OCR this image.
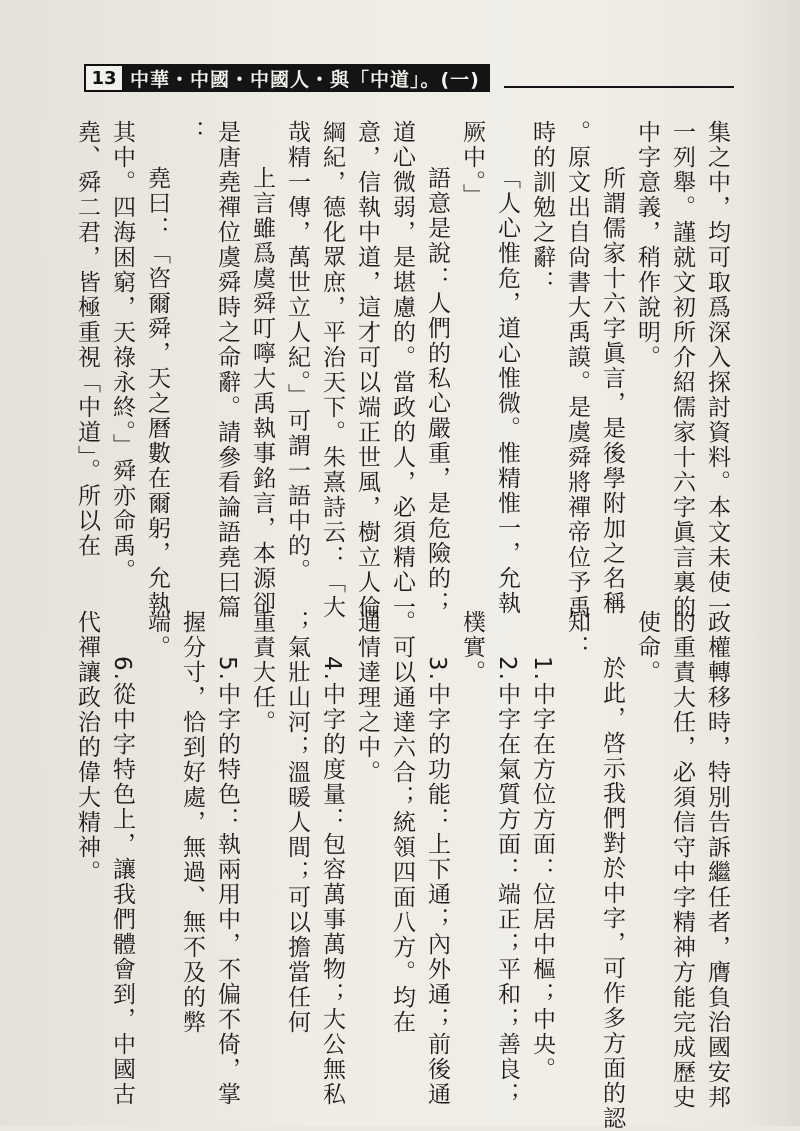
13 中華・中國・中國人・與「中道」。(一)
集之中，均可取爲深入探討資料。本文未使一
一列舉。謹就文初所介紹儒家十六字眞言裏的
中字意義，稍作說明。
所謂儒家十六字眞言，是後學附加之名稱
。原文出自尙書大禹謨。是虞舜將禪帝位予禹
時的訓勉之辭：
「人心惟危，道心惟微。惟精惟一，允執
厥中。」
語意是說：人們的私心嚴重，是危險的；
道心微弱，是堪慮的。當政的人，必須精心一
意，信執中道，這才可以端正世風，樹立人倫
綱紀，德化眾庶，平治天下。朱熹詩云：「大
哉精一傳，萬世立人紀。」可謂一語中的。
上言雖爲虞舜叮嚀大禹執事銘言，本源卻
是唐堯禪位虞舜時之命辭。請參看論語堯曰篇
：
堯曰：「咨爾舜，天之曆數在爾躬，允執
其中。四海困窮，天祿永終。」舜亦命禹。
堯、舜二君，皆極重視「中道」。所以在
政權轉移時，特別告訴繼任者，膺負治國安邦
的重責大任，必須信守中字精神方能完成歷史
使命。
於此，啓示我們對於中字，可作多方面的認
知：
1.中字在方位方面：位居中樞；中央。
2.中字在氣質方面：端正；平和；善良；
樸實。
3.中字的功能：上下通；內外通；前後通
。可以通達六合；統領四面八方。均在
通情達理之中。
4.中字的度量：包容萬事萬物；大公無私
；氣壯山河；溫暖人間；可以擔當任何
重責大任。
5.中字的特色：執兩用中，不偏不倚，掌
握分寸，恰到好處，無過、無不及的弊
端。
6.從中字特色上，讓我們體會到，中國古
代禪讓政治的偉大精神。
